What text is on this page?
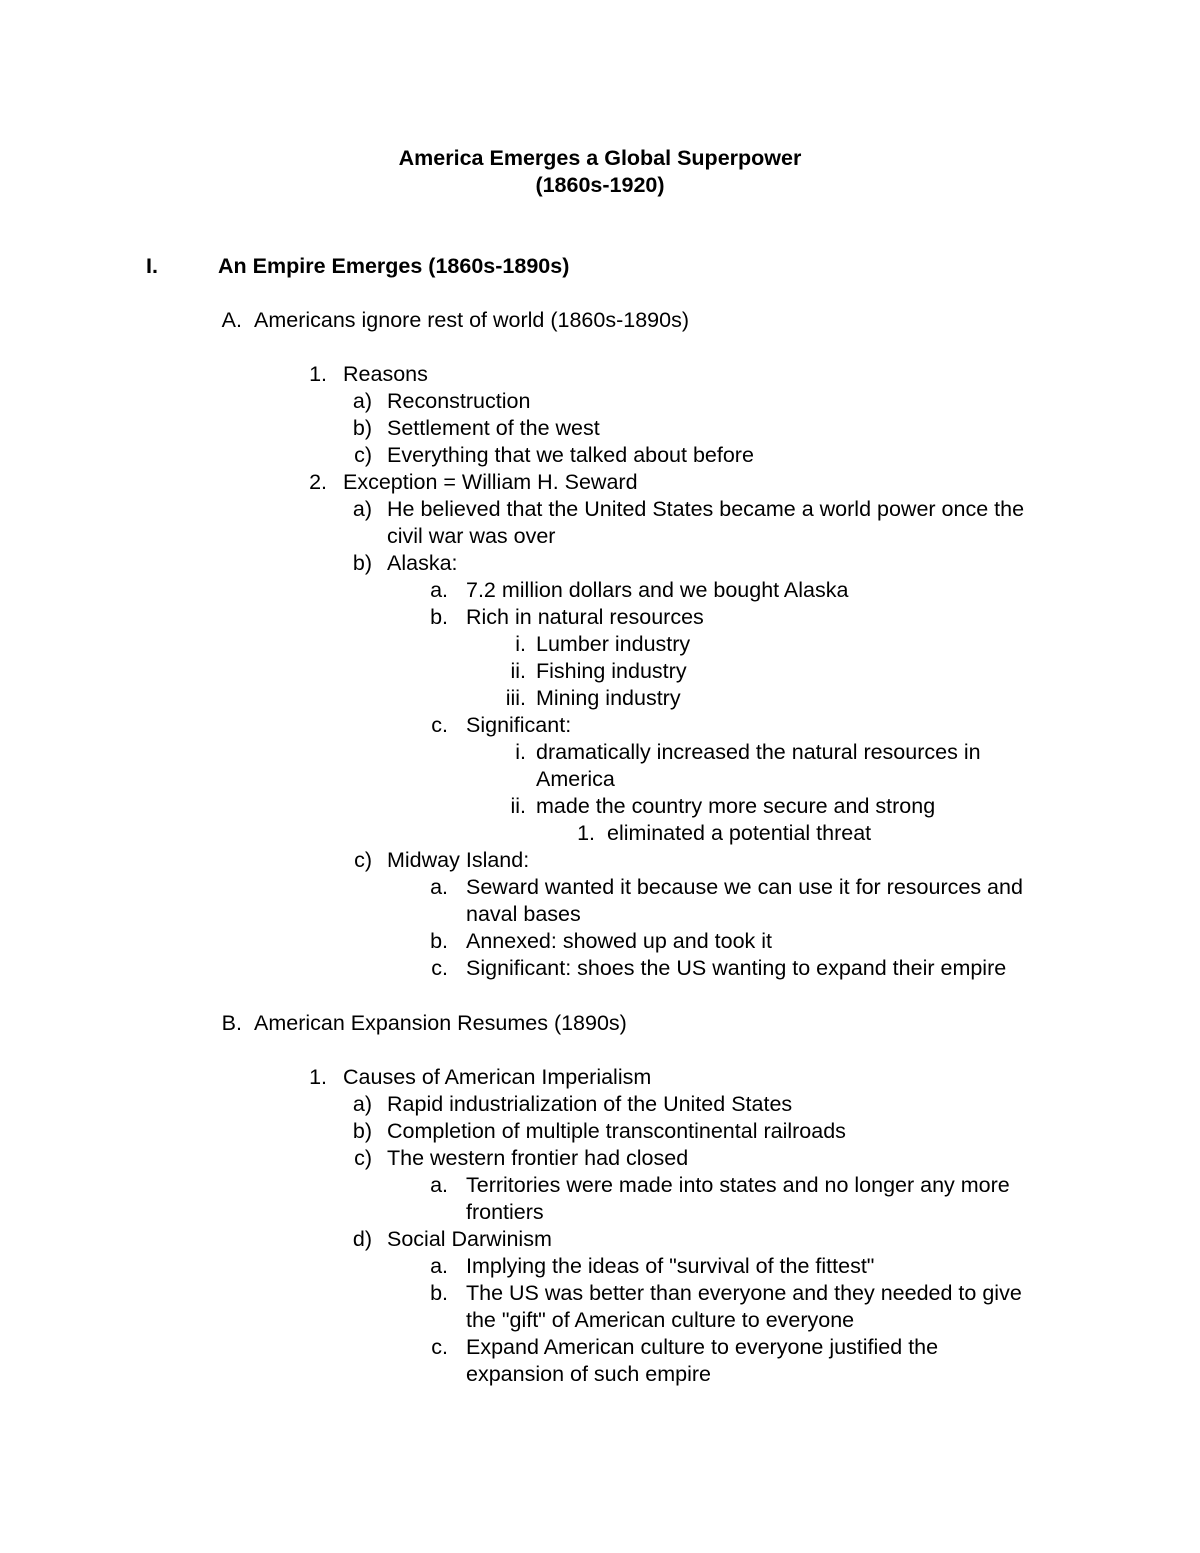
America Emerges a Global Superpower
(1860s-1920)
I.	An Empire Emerges (1860s-1890s)
A. Americans ignore rest of world (1860s-1890s)
1. Reasons
a) Reconstruction
b) Settlement of the west
c) Everything that we talked about before
2. Exception = William H. Seward
a) He believed that the United States became a world power once the
civil war was over
b) Alaska:
a. 7.2 million dollars and we bought Alaska
b. Rich in natural resources
i. Lumber industry
ii. Fishing industry
iii. Mining industry
c. Significant:
i. dramatically increased the natural resources in
America
ii. made the country more secure and strong
1. eliminated a potential threat
c) Midway Island:
a. Seward wanted it because we can use it for resources and
naval bases
b. Annexed: showed up and took it
c. Significant: shoes the US wanting to expand their empire
B. American Expansion Resumes (1890s)
1. Causes of American Imperialism
a) Rapid industrialization of the United States
b) Completion of multiple transcontinental railroads
c) The western frontier had closed
a. Territories were made into states and no longer any more
frontiers
d) Social Darwinism
a. Implying the ideas of "survival of the fittest"
b. The US was better than everyone and they needed to give
the "gift" of American culture to everyone
c. Expand American culture to everyone justified the
expansion of such empire
